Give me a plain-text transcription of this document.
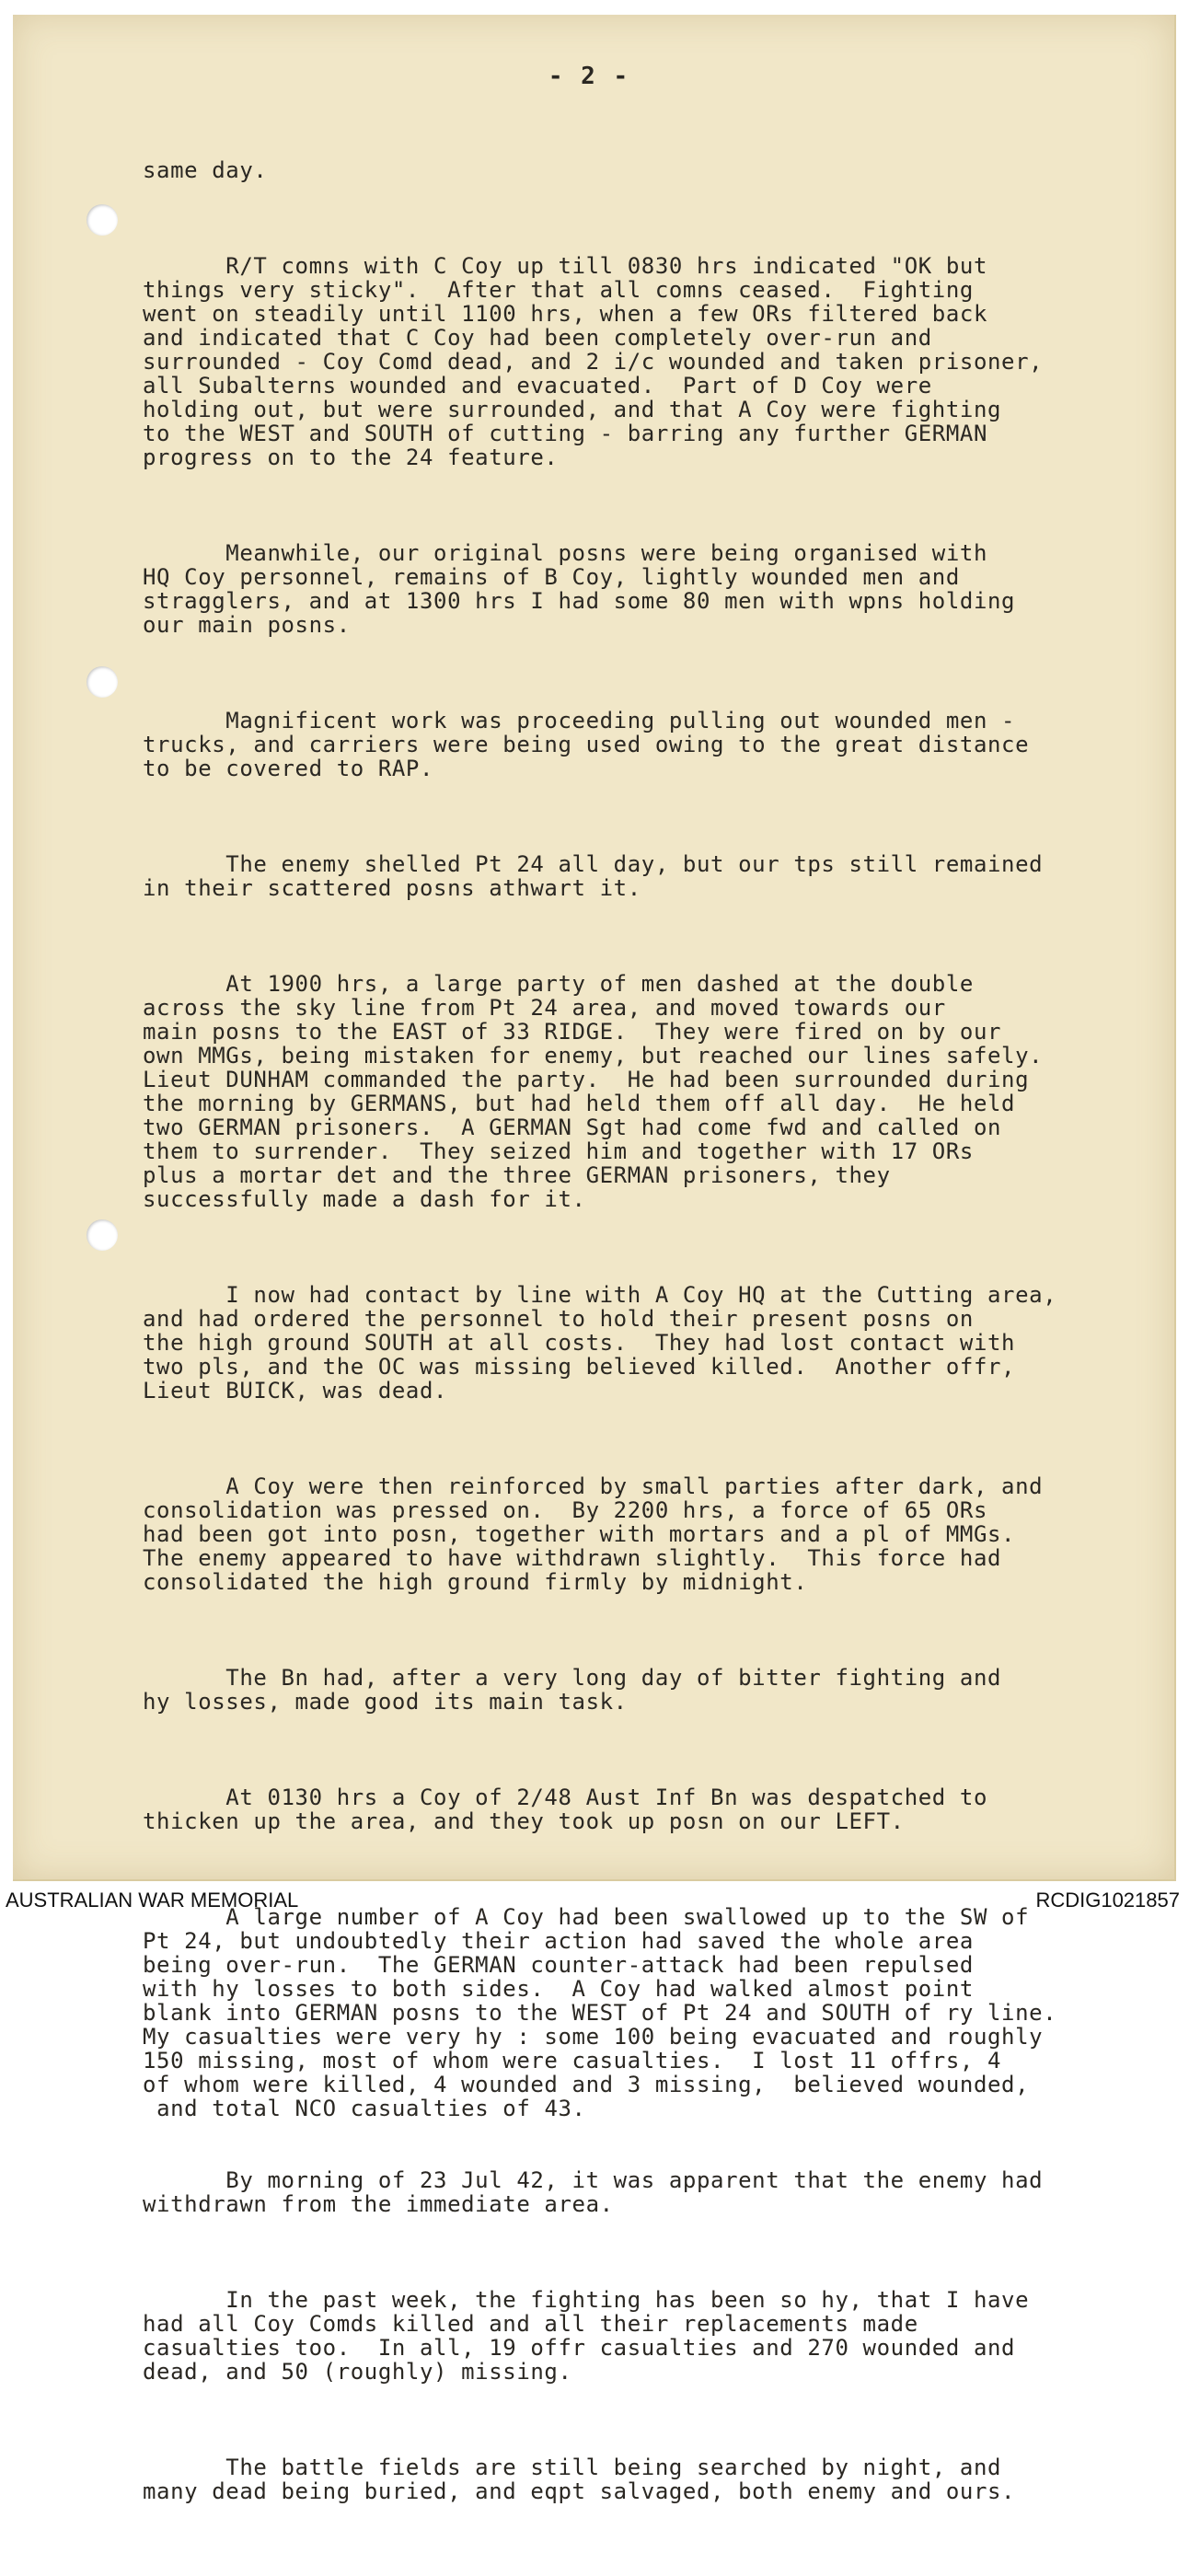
- 2 -

same day.

R/T comns with C Coy up till 0830 hrs indicated "OK but
things very sticky".  After that all comns ceased.  Fighting
went on steadily until 1100 hrs, when a few ORs filtered back
and indicated that C Coy had been completely over-run and
surrounded - Coy Comd dead, and 2 i/c wounded and taken prisoner,
all Subalterns wounded and evacuated.  Part of D Coy were
holding out, but were surrounded, and that A Coy were fighting
to the WEST and SOUTH of cutting - barring any further GERMAN
progress on to the 24 feature.

Meanwhile, our original posns were being organised with
HQ Coy personnel, remains of B Coy, lightly wounded men and
stragglers, and at 1300 hrs I had some 80 men with wpns holding
our main posns.

Magnificent work was proceeding pulling out wounded men -
trucks, and carriers were being used owing to the great distance
to be covered to RAP.

The enemy shelled Pt 24 all day, but our tps still remained
in their scattered posns athwart it.

At 1900 hrs, a large party of men dashed at the double
across the sky line from Pt 24 area, and moved towards our
main posns to the EAST of 33 RIDGE.  They were fired on by our
own MMGs, being mistaken for enemy, but reached our lines safely.
Lieut DUNHAM commanded the party.  He had been surrounded during
the morning by GERMANS, but had held them off all day.  He held
two GERMAN prisoners.  A GERMAN Sgt had come fwd and called on
them to surrender.  They seized him and together with 17 ORs
plus a mortar det and the three GERMAN prisoners, they
successfully made a dash for it.

I now had contact by line with A Coy HQ at the Cutting area,
and had ordered the personnel to hold their present posns on
the high ground SOUTH at all costs.  They had lost contact with
two pls, and the OC was missing believed killed.  Another offr,
Lieut BUICK, was dead.

A Coy were then reinforced by small parties after dark, and
consolidation was pressed on.  By 2200 hrs, a force of 65 ORs
had been got into posn, together with mortars and a pl of MMGs.
The enemy appeared to have withdrawn slightly.  This force had
consolidated the high ground firmly by midnight.

The Bn had, after a very long day of bitter fighting and
hy losses, made good its main task.

At 0130 hrs a Coy of 2/48 Aust Inf Bn was despatched to
thicken up the area, and they took up posn on our LEFT.

A large number of A Coy had been swallowed up to the SW of
Pt 24, but undoubtedly their action had saved the whole area
being over-run.  The GERMAN counter-attack had been repulsed
with hy losses to both sides.  A Coy had walked almost point
blank into GERMAN posns to the WEST of Pt 24 and SOUTH of ry line.
My casualties were very hy : some 100 being evacuated and roughly
150 missing, most of whom were casualties.  I lost 11 offrs, 4
of whom were killed, 4 wounded and 3 missing,  believed wounded,
and total NCO casualties of 43.

By morning of 23 Jul 42, it was apparent that the enemy had
withdrawn from the immediate area.

In the past week, the fighting has been so hy, that I have
had all Coy Comds killed and all their replacements made
casualties too.  In all, 19 offr casualties and 270 wounded and
dead, and 50 (roughly) missing.

The battle fields are still being searched by night, and
many dead being buried, and eqpt salvaged, both enemy and ours.

AUSTRALIAN WAR MEMORIAL	RCDIG1021857
